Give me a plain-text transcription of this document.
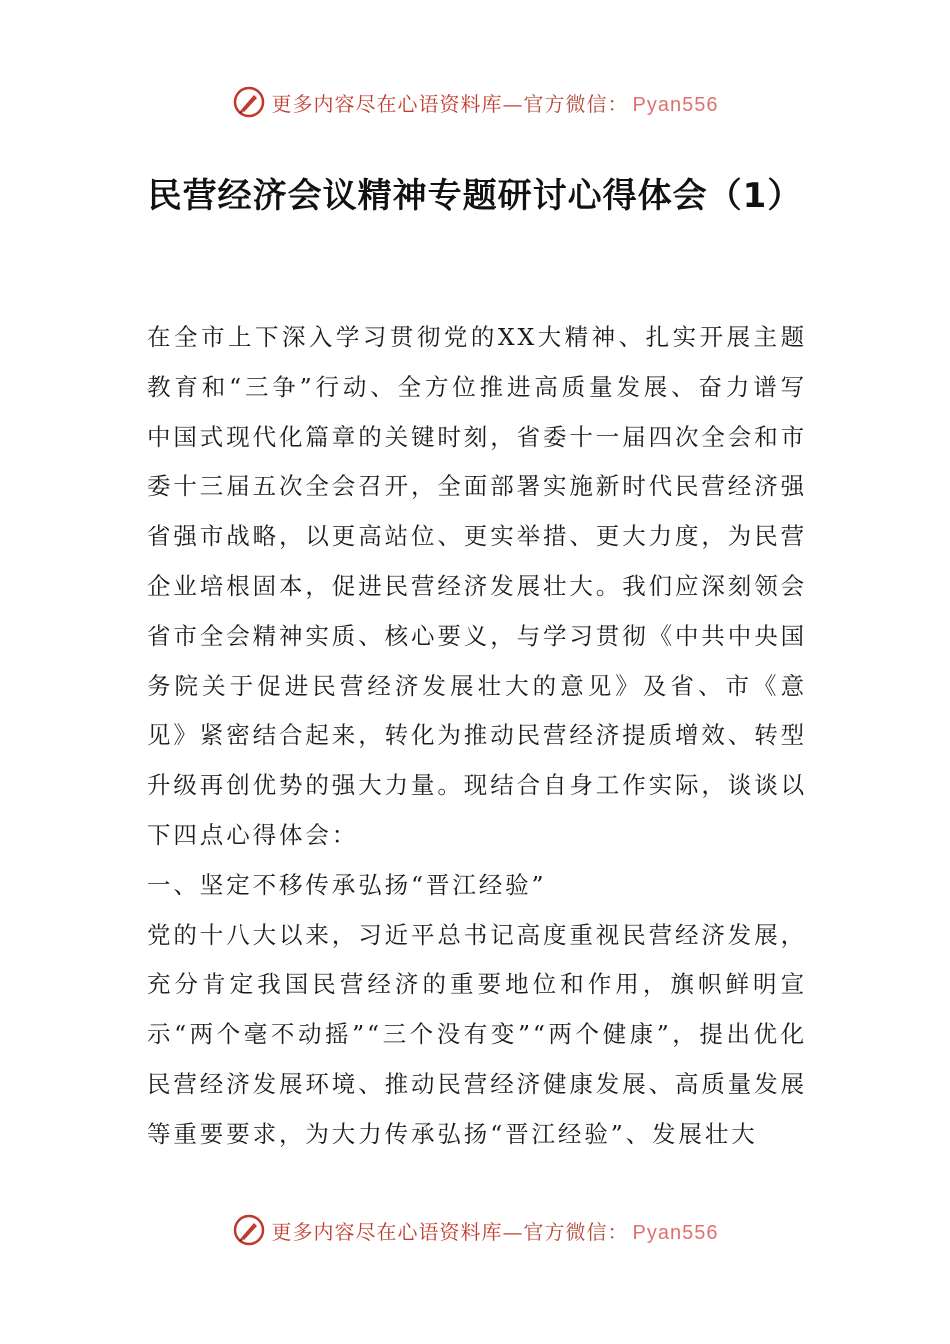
更多内容尽在心语资料库—官方微信： Pyan556
民营经济会议精神专题研讨心得体会（1）

在全市上下深入学习贯彻党的XX大精神、扎实开展主题教育和“三争”行动、全方位推进高质量发展、奋力谱写中国式现代化篇章的关键时刻，省委十一届四次全会和市委十三届五次全会召开，全面部署实施新时代民营经济强省强市战略，以更高站位、更实举措、更大力度，为民营企业培根固本，促进民营经济发展壮大。我们应深刻领会省市全会精神实质、核心要义，与学习贯彻《中共中央国务院关于促进民营经济发展壮大的意见》及省、市《意见》紧密结合起来，转化为推动民营经济提质增效、转型升级再创优势的强大力量。现结合自身工作实际，谈谈以下四点心得体会：

一、坚定不移传承弘扬“晋江经验”

党的十八大以来，习近平总书记高度重视民营经济发展，充分肯定我国民营经济的重要地位和作用，旗帜鲜明宣示“两个毫不动摇”“三个没有变”“两个健康”，提出优化民营经济发展环境、推动民营经济健康发展、高质量发展等重要要求，为大力传承弘扬“晋江经验”、发展壮大

更多内容尽在心语资料库—官方微信： Pyan556
